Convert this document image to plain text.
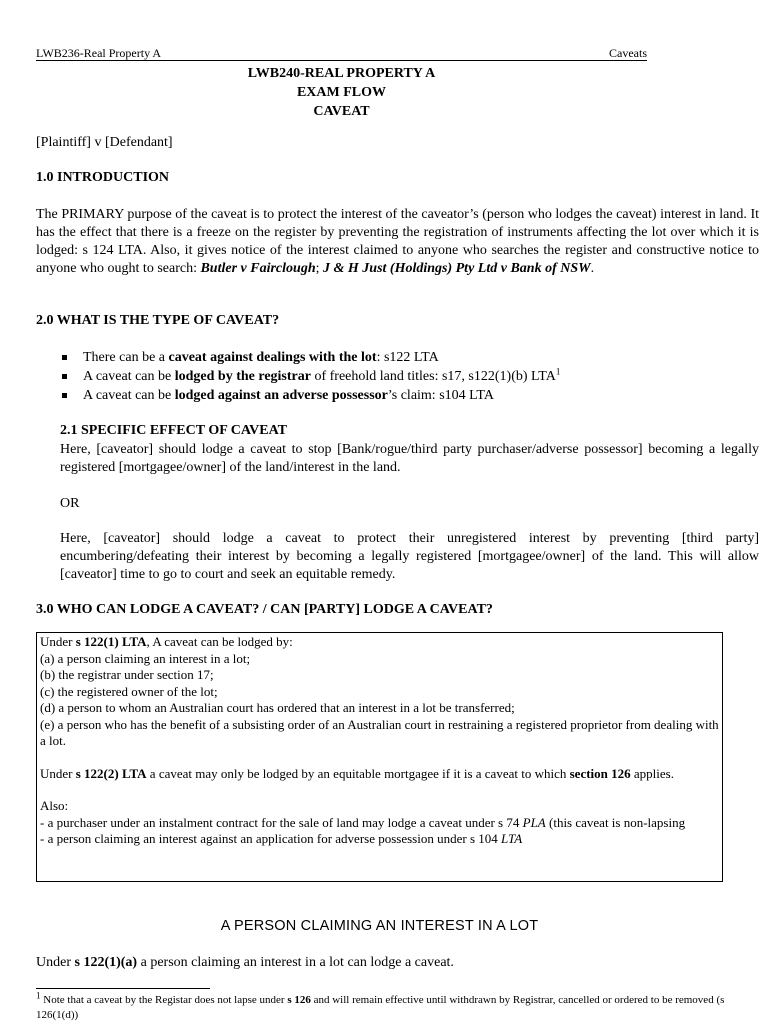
LWB236-Real Property A	Caveats
LWB240-REAL PROPERTY A
EXAM FLOW
CAVEAT
[Plaintiff] v [Defendant]
1.0 INTRODUCTION
The PRIMARY purpose of the caveat is to protect the interest of the caveator’s (person who lodges the caveat) interest in land. It has the effect that there is a freeze on the register by preventing the registration of instruments affecting the lot over which it is lodged: s 124 LTA. Also, it gives notice of the interest claimed to anyone who searches the register and constructive notice to anyone who ought to search: Butler v Fairclough; J & H Just (Holdings) Pty Ltd v Bank of NSW.
2.0 WHAT IS THE TYPE OF CAVEAT?
There can be a caveat against dealings with the lot: s122 LTA
A caveat can be lodged by the registrar of freehold land titles: s17, s122(1)(b) LTA$^1$
A caveat can be lodged against an adverse possessor’s claim: s104 LTA
2.1 SPECIFIC EFFECT OF CAVEAT
Here, [caveator] should lodge a caveat to stop [Bank/rogue/third party purchaser/adverse possessor] becoming a legally registered [mortgagee/owner] of the land/interest in the land.
OR
Here, [caveator] should lodge a caveat to protect their unregistered interest by preventing [third party] encumbering/defeating their interest by becoming a legally registered [mortgagee/owner] of the land. This will allow [caveator] time to go to court and seek an equitable remedy.
3.0 WHO CAN LODGE A CAVEAT? / CAN [PARTY] LODGE A CAVEAT?

Under s 122(1) LTA, A caveat can be lodged by:

(a) a person claiming an interest in a lot;

(b) the registrar under section 17;

(c) the registered owner of the lot;

(d) a person to whom an Australian court has ordered that an interest in a lot be transferred;

(e) a person who has the benefit of a subsisting order of an Australian court in restraining a registered proprietor from dealing with a lot.

Under s 122(2) LTA a caveat may only be lodged by an equitable mortgagee if it is a caveat to which section 126 applies.

Also:

- a purchaser under an instalment contract for the sale of land may lodge a caveat under s 74 PLA (this caveat is non-lapsing

- a person claiming an interest against an application for adverse possession under s 104 LTA

A PERSON CLAIMING AN INTEREST IN A LOT
Under s 122(1)(a) a person claiming an interest in a lot can lodge a caveat.
$^1$ Note that a caveat by the Registar does not lapse under s 126 and will remain effective until withdrawn by Registrar, cancelled or ordered to be removed (s 126(1(d))
